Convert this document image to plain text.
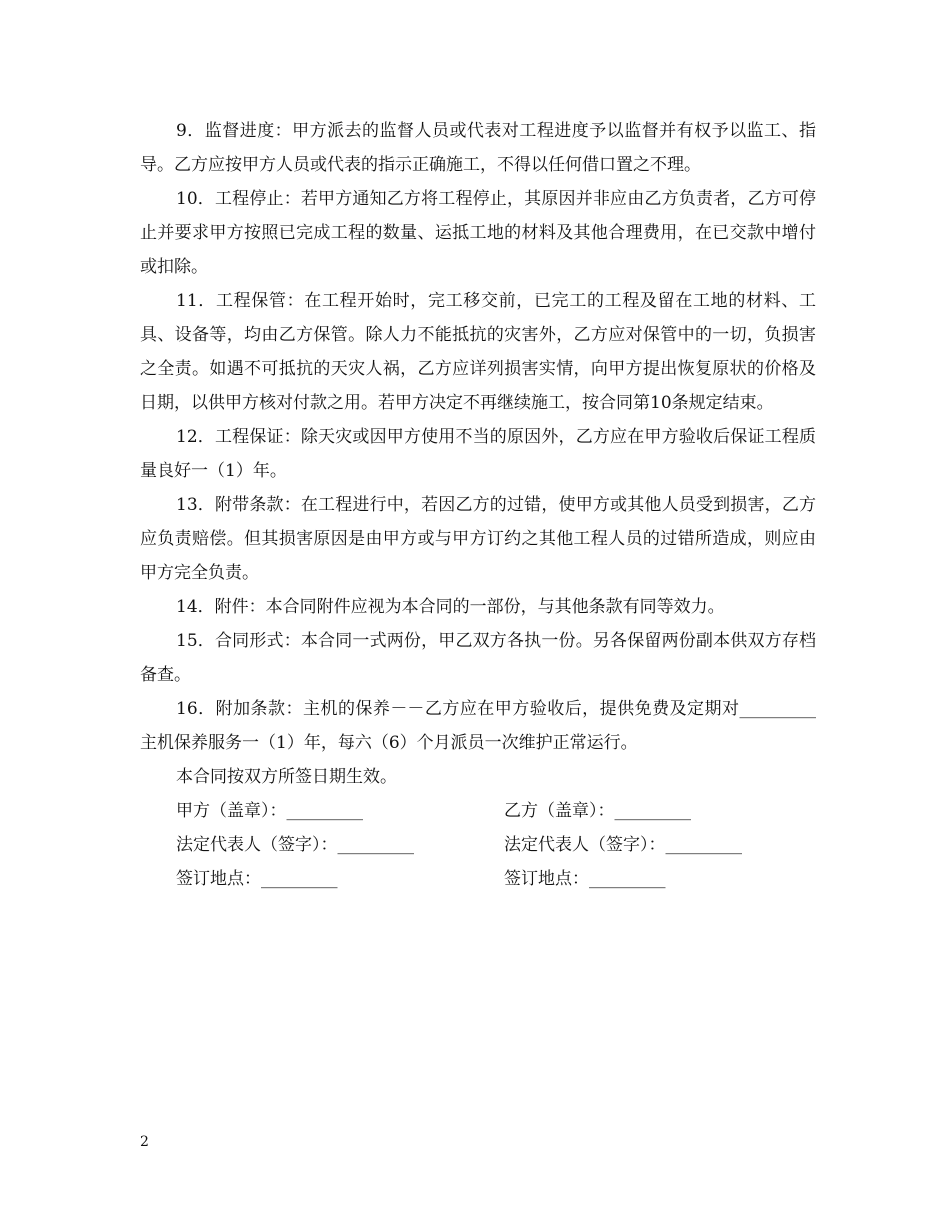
9．监督进度：甲方派去的监督人员或代表对工程进度予以监督并有权予以监工、指导。乙方应按甲方人员或代表的指示正确施工，不得以任何借口置之不理。

10．工程停止：若甲方通知乙方将工程停止，其原因并非应由乙方负责者，乙方可停止并要求甲方按照已完成工程的数量、运抵工地的材料及其他合理费用，在已交款中增付或扣除。

11．工程保管：在工程开始时，完工移交前，已完工的工程及留在工地的材料、工具、设备等，均由乙方保管。除人力不能抵抗的灾害外，乙方应对保管中的一切，负损害之全责。如遇不可抵抗的天灾人祸，乙方应详列损害实情，向甲方提出恢复原状的价格及日期，以供甲方核对付款之用。若甲方决定不再继续施工，按合同第10条规定结束。

12．工程保证：除天灾或因甲方使用不当的原因外，乙方应在甲方验收后保证工程质量良好一（1）年。

13．附带条款：在工程进行中，若因乙方的过错，使甲方或其他人员受到损害，乙方应负责赔偿。但其损害原因是由甲方或与甲方订约之其他工程人员的过错所造成，则应由甲方完全负责。

14．附件：本合同附件应视为本合同的一部份，与其他条款有同等效力。

15．合同形式：本合同一式两份，甲乙双方各执一份。另各保留两份副本供双方存档备查。

16．附加条款：主机的保养－－乙方应在甲方验收后，提供免费及定期对_________主机保养服务一（1）年，每六（6）个月派员一次维护正常运行。

本合同按双方所签日期生效。

甲方（盖章）：_________	乙方（盖章）：_________
法定代表人（签字）：_________	法定代表人（签字）：_________
签订地点：_________	签订地点：_________
2
